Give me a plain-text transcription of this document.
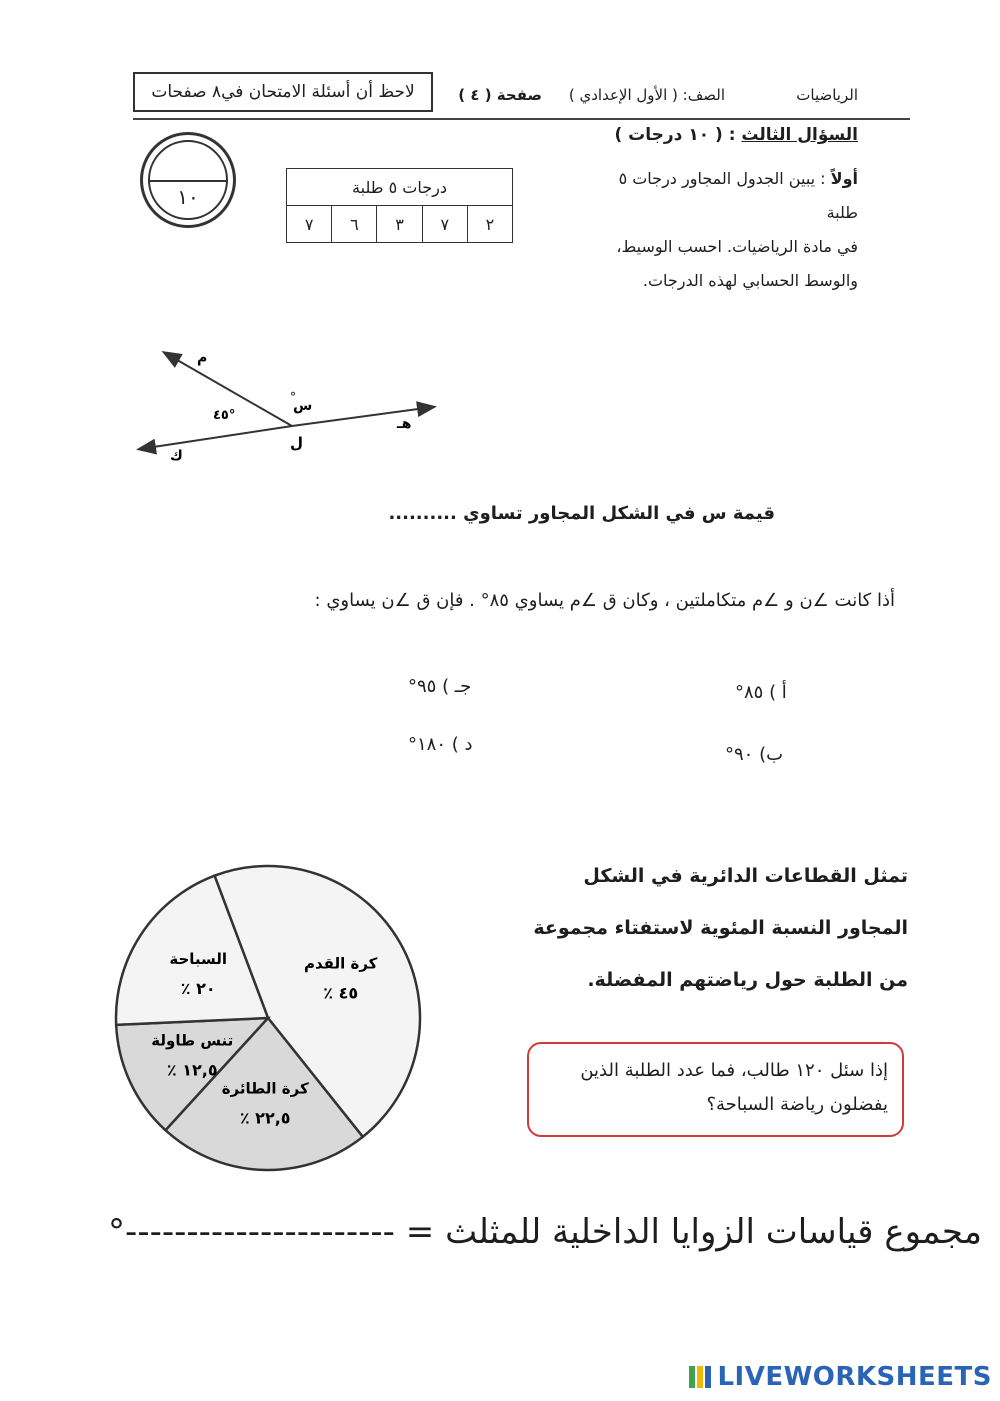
الرياضيات
الصف: ( الأول الإعدادي )
صفحة ( ٤ )
لاحظ أن أسئلة الامتحان في٨ صفحات
١٠
السؤال الثالث : ( ١٠ درجات )
أولاً : يبين الجدول المجاور درجات ٥ طلبة
في مادة الرياضيات. احسب الوسيط،
والوسط الحسابي لهذه الدرجات.
درجات ٥ طلبة
٢	٧	٣	٦	٧
م
س
°
٤٥°
ل
هـ
ك
قيمة س في الشكل المجاور تساوي ..........
أذا كانت ∠ن و ∠م متكاملتين ، وكان ق ∠م يساوي ٨٥° . فإن ق ∠ن يساوي :
أ ) ٨٥°
ب) ٩٠°
جـ ) ٩٥°
د ) ١٨٠°
كرة القدم
٤٥ ٪
كرة الطائرة
٢٢,٥ ٪
تنس طاولة
١٢,٥ ٪
السباحة
٢٠ ٪
تمثل القطاعات الدائرية في الشكل المجاور النسبة المئوية لاستفتاء مجموعة من الطلبة حول رياضتهم المفضلة.
إذا سئل ١٢٠ طالب، فما عدد الطلبة الذين يفضلون رياضة السباحة؟
مجموع قياسات الزوايا الداخلية للمثلث = ----------------------°
LIVEWORKSHEETS
